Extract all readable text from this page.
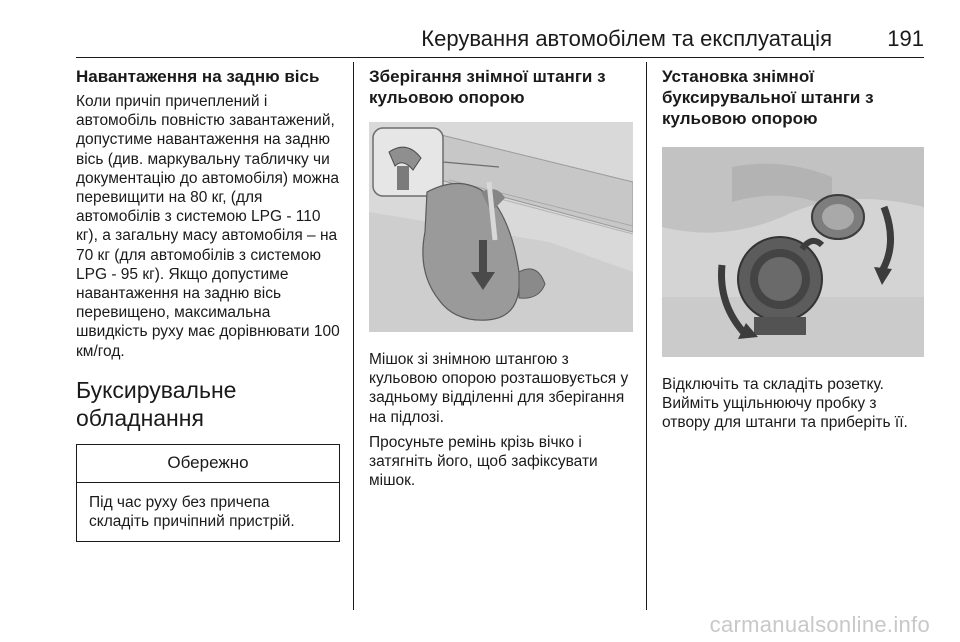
Керування автомобілем та експлуатація	191
Навантаження на задню вісь
Коли причіп причеплений і автомобіль повністю завантажений, допустиме навантаження на задню вісь (див. маркувальну табличку чи документацію до автомобіля) можна перевищити на 80 кг, (для автомобілів з системою LPG - 110 кг), а загальну масу автомобіля – на 70 кг (для автомобілів з системою LPG - 95 кг). Якщо допустиме навантаження на задню вісь перевищено, максимальна швидкість руху має дорівнювати 100 км/год.
Буксирувальне обладнання
Обережно
Під час руху без причепа складіть причіпний пристрій.
Зберігання знімної штанги з кульовою опорою
Мішок зі знімною штангою з кульовою опорою розташовується у задньому відділенні для зберігання на підлозі.
Просуньте ремінь крізь вічко і затягніть його, щоб зафіксувати мішок.
Установка знімної буксирувальної штанги з кульовою опорою
Відключіть та складіть розетку. Вийміть ущільнюючу пробку з отвору для штанги та приберіть її.
carmanualsonline.info
